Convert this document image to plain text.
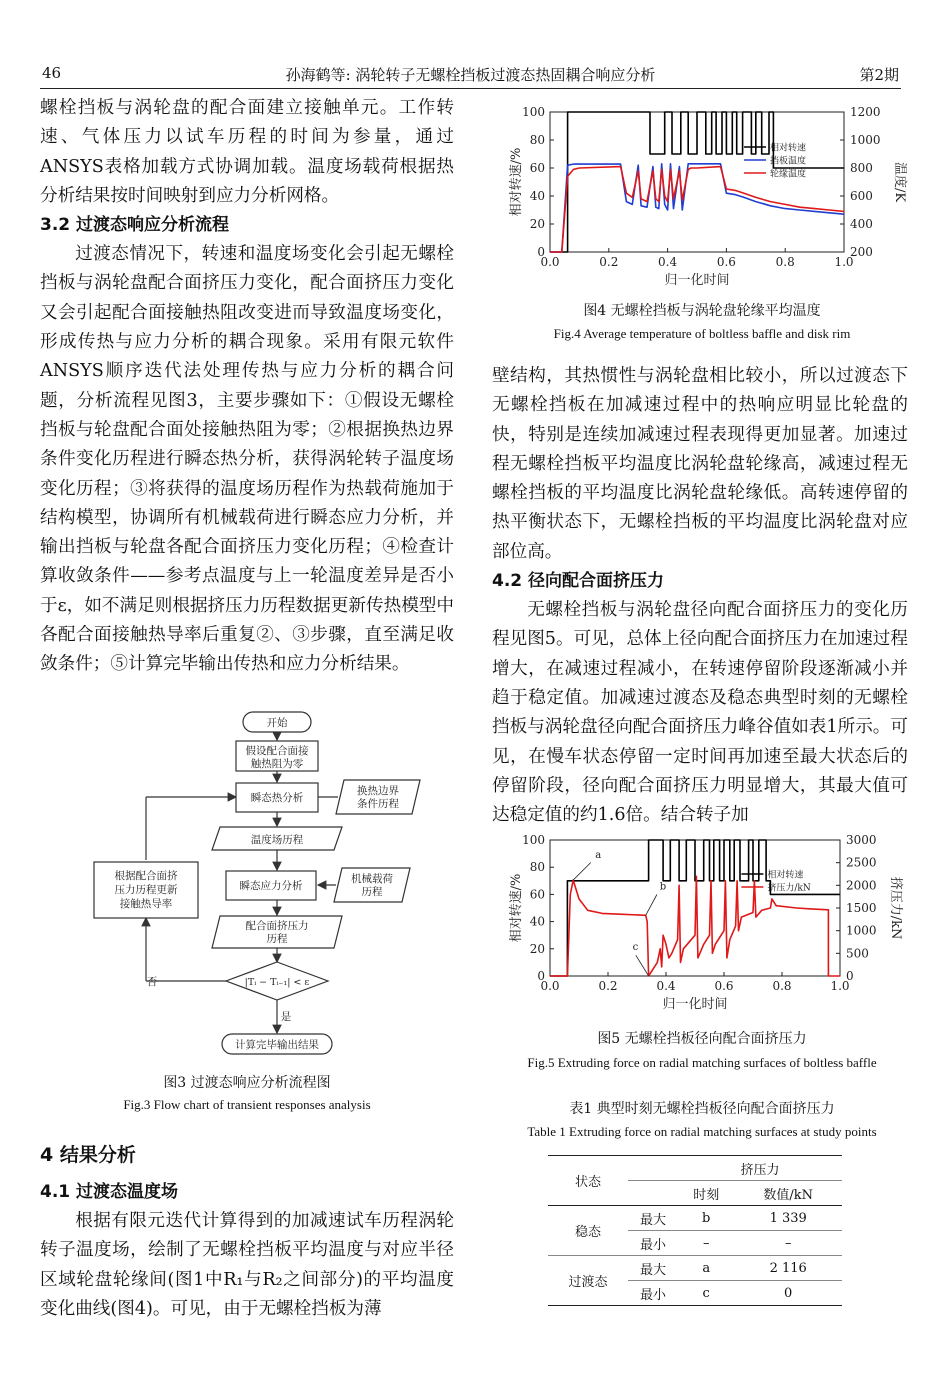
46	孙海鹤等: 涡轮转子无螺栓挡板过渡态热固耦合响应分析	第2期

螺栓挡板与涡轮盘的配合面建立接触单元。工作转速、气体压力以试车历程的时间为参量，通过ANSYS表格加载方式协调加载。温度场载荷根据热分析结果按时间映射到应力分析网格。

3.2 过渡态响应分析流程

过渡态情况下，转速和温度场变化会引起无螺栓挡板与涡轮盘配合面挤压力变化，配合面挤压力变化又会引起配合面接触热阻改变进而导致温度场变化，形成传热与应力分析的耦合现象。采用有限元软件ANSYS顺序迭代法处理传热与应力分析的耦合问题，分析流程见图3，主要步骤如下：①假设无螺栓挡板与轮盘配合面处接触热阻为零；②根据换热边界条件变化历程进行瞬态热分析，获得涡轮转子温度场变化历程；③将获得的温度场历程作为热载荷施加于结构模型，协调所有机械载荷进行瞬态应力分析，并输出挡板与轮盘各配合面挤压力变化历程；④检查计算收敛条件——参考点温度与上一轮温度差异是否小于ε，如不满足则根据挤压力历程数据更新传热模型中各配合面接触热导率后重复②、③步骤，直至满足收敛条件；⑤计算完毕输出传热和应力分析结果。

开始
假设配合面接
触热阻为零
瞬态热分析
换热边界
条件历程
温度场历程
瞬态应力分析
机械载荷
历程
根据配合面挤
压力历程更新
接触热导率
配合面挤压力
历程
|Tᵢ − Tᵢ₋₁| < ε
否
是
计算完毕输出结果
图3 过渡态响应分析流程图
Fig.3 Flow chart of transient responses analysis

4 结果分析

4.1 过渡态温度场

根据有限元迭代计算得到的加减速试车历程涡轮转子温度场，绘制了无螺栓挡板平均温度与对应半径区域轮盘轮缘间(图1中R₁与R₂之间部分)的平均温度变化曲线(图4)。可见，由于无螺栓挡板为薄

0.0	0.2	0.4	0.6	0.8	1.0
0
20
40
60
80
100
200
400
600
800
1000
1200
归一化时间
相对转速/%	温度/K
相对转速
挡板温度
轮缘温度
图4 无螺栓挡板与涡轮盘轮缘平均温度
Fig.4 Average temperature of boltless baffle and disk rim

壁结构，其热惯性与涡轮盘相比较小，所以过渡态下无螺栓挡板在加减速过程中的热响应明显比轮盘的快，特别是连续加减速过程表现得更加显著。加速过程无螺栓挡板平均温度比涡轮盘轮缘高，减速过程无螺栓挡板的平均温度比涡轮盘轮缘低。高转速停留的热平衡状态下，无螺栓挡板的平均温度比涡轮盘对应部位高。

4.2 径向配合面挤压力

无螺栓挡板与涡轮盘径向配合面挤压力的变化历程见图5。可见，总体上径向配合面挤压力在加速过程增大，在减速过程减小，在转速停留阶段逐渐减小并趋于稳定值。加减速过渡态及稳态典型时刻的无螺栓挡板与涡轮盘径向配合面挤压力峰谷值如表1所示。可见，在慢车状态停留一定时间再加速至最大状态后的停留阶段，径向配合面挤压力明显增大，其最大值可达稳定值的约1.6倍。结合转子加

0.0	0.2	0.4	0.6	0.8	1.0
0
20
40
60
80
100
0
500
1000
1500
2000
2500
3000
归一化时间
相对转速/%	挤压力/kN
相对转速
挤压力/kN
a
b
c
图5 无螺栓挡板径向配合面挤压力
Fig.5 Extruding force on radial matching surfaces of boltless baffle
表1 典型时刻无螺栓挡板径向配合面挤压力
Table 1 Extruding force on radial matching surfaces at study points
状态		挤压力	
		时刻	数值/kN
稳态	最大	b	1 339
	最小	–	–
过渡态	最大	a	2 116
	最小	c	0
